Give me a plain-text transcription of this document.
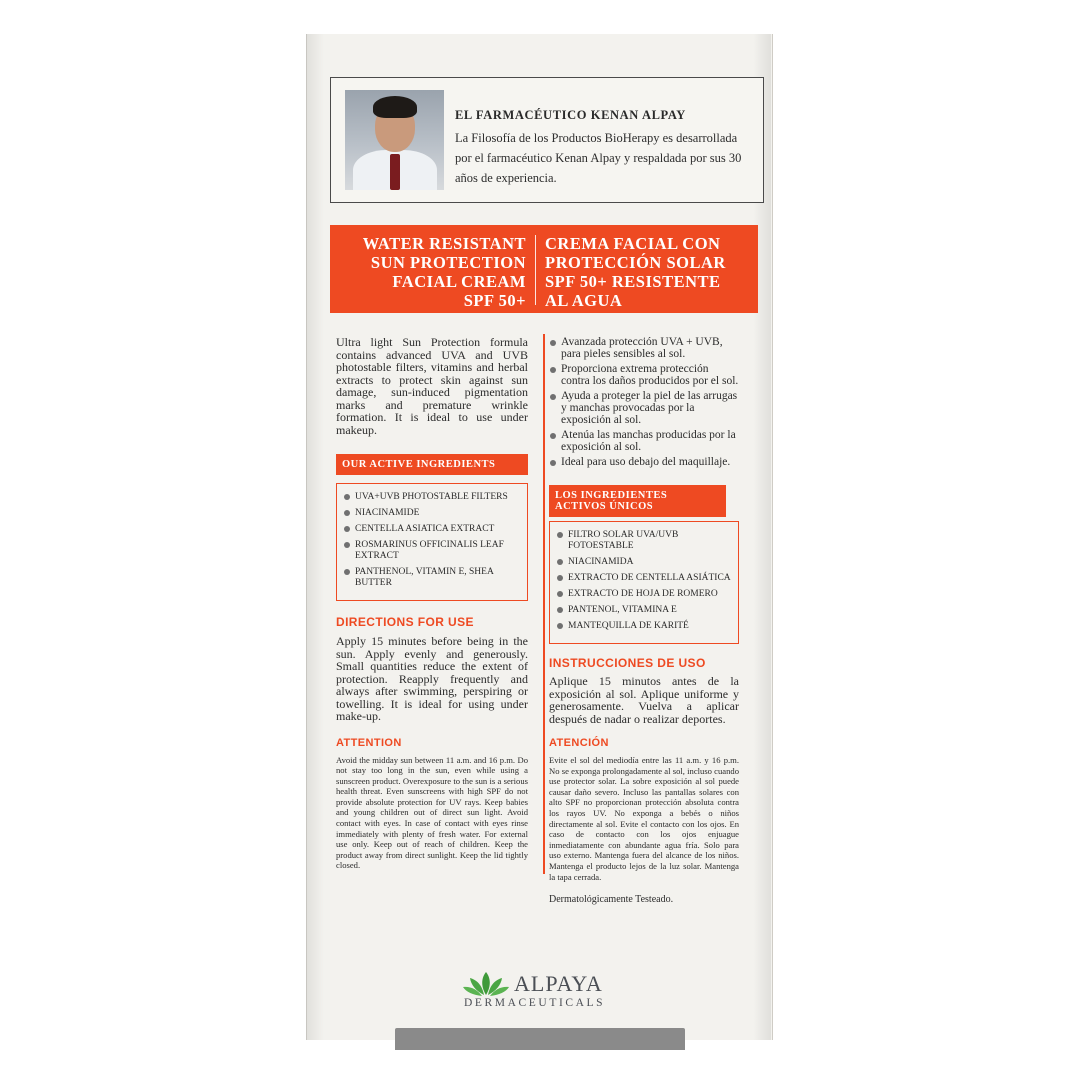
EL FARMACÉUTICO KENAN ALPAY
La Filosofía de los Productos BioHerapy es desarrollada por el farmacéutico Kenan Alpay y respaldada por sus 30 años de experiencia.
WATER RESISTANT
SUN PROTECTION
FACIAL CREAM
SPF 50+
CREMA FACIAL CON
PROTECCIÓN SOLAR
SPF 50+ RESISTENTE
AL AGUA
Ultra light Sun Protection formula contains advanced UVA and UVB photostable filters, vitamins and herbal extracts to protect skin against sun damage, sun-induced pigmentation marks and premature wrinkle formation. It is ideal to use under makeup.
OUR ACTIVE INGREDIENTS
UVA+UVB PHOTOSTABLE FILTERS
NIACINAMIDE
CENTELLA ASIATICA EXTRACT
ROSMARINUS OFFICINALIS LEAF EXTRACT
PANTHENOL, VITAMIN E, SHEA BUTTER
DIRECTIONS FOR USE
Apply 15 minutes before being in the sun. Apply evenly and generously. Small quantities reduce the extent of protection. Reapply frequently and always after swimming, perspiring or towelling. It is ideal for using under make-up.
ATTENTION
Avoid the midday sun between 11 a.m. and 16 p.m. Do not stay too long in the sun, even while using a sunscreen product. Overexposure to the sun is a serious health threat. Even sunscreens with high SPF do not provide absolute protection for UV rays. Keep babies and young children out of direct sun light. Avoid contact with eyes. In case of contact with eyes rinse immediately with plenty of fresh water. For external use only. Keep out of reach of children. Keep the product away from direct sunlight. Keep the lid tightly closed.
Avanzada protección UVA + UVB, para pieles sensibles al sol.
Proporciona extrema protección contra los daños producidos por el sol.
Ayuda a proteger la piel de las arrugas y manchas provocadas por la exposición al sol.
Atenúa las manchas producidas por la exposición al sol.
Ideal para uso debajo del maquillaje.
LOS INGREDIENTES ACTIVOS ÚNICOS
FILTRO SOLAR UVA/UVB FOTOESTABLE
NIACINAMIDA
EXTRACTO DE CENTELLA ASIÁTICA
EXTRACTO DE HOJA DE ROMERO
PANTENOL, VITAMINA E
MANTEQUILLA DE KARITÉ
INSTRUCCIONES DE USO
Aplique 15 minutos antes de la exposición al sol. Aplique uniforme y generosamente. Vuelva a aplicar después de nadar o realizar deportes.
ATENCIÓN
Evite el sol del mediodía entre las 11 a.m. y 16 p.m. No se exponga prolongadamente al sol, incluso cuando use protector solar. La sobre exposición al sol puede causar daño severo. Incluso las pantallas solares con alto SPF no proporcionan protección absoluta contra los rayos UV. No exponga a bebés o niños directamente al sol. Evite el contacto con los ojos. En caso de contacto con los ojos enjuague inmediatamente con abundante agua fría. Solo para uso externo. Mantenga fuera del alcance de los niños. Mantenga el producto lejos de la luz solar. Mantenga la tapa cerrada.
Dermatológicamente Testeado.
ALPAYA
DERMACEUTICALS
